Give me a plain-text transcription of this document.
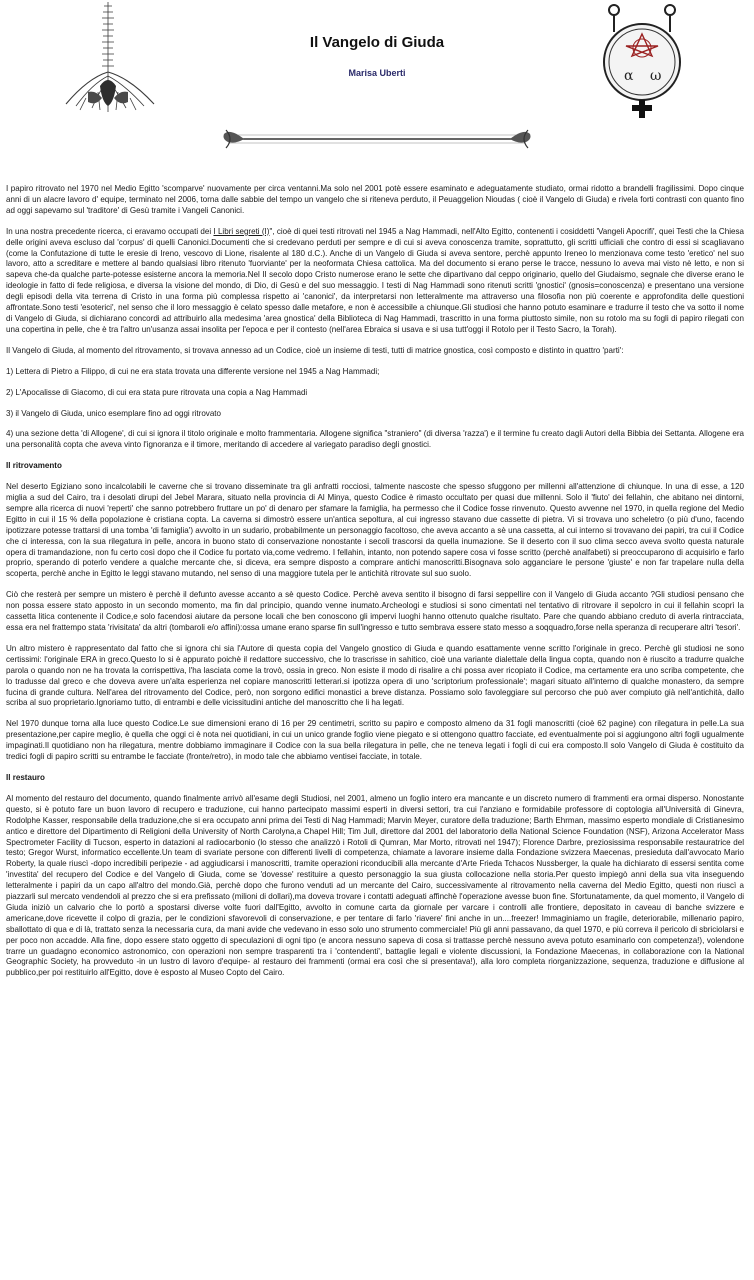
Il Vangelo di Giuda
Marisa Uberti	α ω

I papiro ritrovato nel 1970 nel Medio Egitto 'scomparve' nuovamente per circa ventanni.Ma solo nel 2001 potè essere esaminato e adeguatamente studiato, ormai ridotto a brandelli fragilissimi. Dopo cinque anni di un alacre lavoro d' equipe, terminato nel 2006, torna dalle sabbie del tempo un vangelo che si riteneva perduto, il Peuaggelion Nioudas ( cioè il Vangelo di Giuda) e rivela forti contrasti con quanto fino ad oggi sapevamo sul 'traditore' di Gesù tramite i Vangeli Canonici.

In una nostra precedente ricerca, ci eravamo occupati dei I Libri segreti (I)", cioè di quei testi ritrovati nel 1945 a Nag Hammadi, nell'Alto Egitto, contenenti i cosiddetti 'Vangeli Apocrifi', quei Testi che la Chiesa delle origini aveva escluso dal 'corpus' di quelli Canonici.Documenti che si credevano perduti per sempre e di cui si aveva conoscenza tramite, soprattutto, gli scritti ufficiali che contro di essi si scagliavano (come la Confutazione di tutte le eresie di Ireno, vescovo di Lione, risalente al 180 d.C.). Anche di un Vangelo di Giuda si aveva sentore, perchè appunto Ireneo lo menzionava come testo 'eretico' nel suo lavoro, atto a screditare e mettere al bando qualsiasi libro ritenuto 'fuorviante' per la neoformata Chiesa cattolica. Ma del documento si erano perse le tracce, nessuno lo aveva mai visto nè letto, e non si sapeva che-da qualche parte-potesse esisterne ancora la memoria.Nel II secolo dopo Cristo numerose erano le sette che dipartivano dal ceppo originario, quello del Giudaismo, segnale che diverse erano le ideologie in fatto di fede religiosa, e diversa la visione del mondo, di Dio, di Gesù e del suo messaggio. I testi di Nag Hammadi sono ritenuti scritti 'gnostici' (gnosis=conoscenza) e presentano una versione degli episodi della vita terrena di Cristo in una forma più complessa rispetto ai 'canonici', da interpretarsi non letteralmente ma attraverso una filosofia non più coerente e approfondita delle questioni affrontate.Sono testi 'esoterici', nel senso che il loro messaggio è celato spesso dalle metafore, e non è accessibile a chiunque.Gli studiosi che hanno potuto esaminare e tradurre il testo che va sotto il nome di Vangelo di Giuda, si dichiarano concordi ad attribuirlo alla medesima 'area gnostica' della Biblioteca di Nag Hammadi, trascritto in una forma piuttosto simile, non su rotolo ma su fogli di papiro rilegati con una copertina in pelle, che è tra l'altro un'usanza assai insolita per l'epoca e per il contesto (nell'area Ebraica si usava e si usa tutt'oggi il Rotolo per il Testo Sacro, la Torah).

Il Vangelo di Giuda, al momento del ritrovamento, si trovava annesso ad un Codice, cioè un insieme di testi, tutti di matrice gnostica, così composto e distinto in quattro 'parti':

1) Lettera di Pietro a Filippo, di cui ne era stata trovata una differente versione nel 1945 a Nag Hammadi;

2) L'Apocalisse di Giacomo, di cui era stata pure ritrovata una copia a Nag Hammadi

3) il Vangelo di Giuda, unico esemplare fino ad oggi ritrovato

4) una sezione detta 'di Allogene', di cui si ignora il titolo originale e molto frammentaria. Allogene significa "straniero" (di diversa 'razza') e il termine fu creato dagli Autori della Bibbia dei Settanta. Allogene era una personalità copta che aveva vinto l'ignoranza e il timore, meritando di accedere al variegato paradiso degli gnostici.

Il ritrovamento

Nel deserto Egiziano sono incalcolabili le caverne che si trovano disseminate tra gli anfratti rocciosi, talmente nascoste che spesso sfuggono per millenni all'attenzione di chiunque. In una di esse, a 120 miglia a sud del Cairo, tra i desolati dirupi del Jebel Marara, situato nella provincia di Al Minya, questo Codice è rimasto occultato per quasi due millenni. Solo il 'fiuto' dei fellahin, che abitano nei dintorni, sempre alla ricerca di nuovi 'reperti' che sanno potrebbero fruttare un po' di denaro per sfamare la famiglia, ha permesso che il Codice fosse rinvenuto. Questo avvenne nel 1970, in quella regione del Medio Egitto in cui il 15 % della popolazione è cristiana copta. La caverna si dimostrò essere un'antica sepoltura, al cui ingresso stavano due cassette di pietra. Vi si trovava uno scheletro (o più d'uno, facendo ipotizzare potesse trattarsi di una tomba 'di famiglia') avvolto in un sudario, probabilmente un personaggio facoltoso, che aveva accanto a sè una cassetta, al cui interno si trovavano dei papiri, tra cui il Codice che ci interessa, con la sua rilegatura in pelle, ancora in buono stato di conservazione nonostante i secoli trascorsi da quella inumazione. Se il deserto con il suo clima secco aveva svolto questa naturale opera di tramandazione, non fu certo così dopo che il Codice fu portato via,come vedremo. I fellahin, intanto, non potendo sapere cosa vi fosse scritto (perchè analfabeti) si preoccuparono di acquisirlo e farlo proprio, sperando di poterlo vendere a qualche mercante che, si diceva, era sempre disposto a comprare antichi manoscritti.Bisognava solo agganciare le persone 'giuste' e non far trapelare nulla della scoperta, perchè anche in Egitto le leggi stavano mutando, nel senso di una maggiore tutela per le antichità ritrovate sul suo suolo.

Ciò che resterà per sempre un mistero è perchè il defunto avesse accanto a sè questo Codice. Perchè aveva sentito il bisogno di farsi seppellire con il Vangelo di Giuda accanto ?Gli studiosi pensano che non possa essere stato apposto in un secondo momento, ma fin dal principio, quando venne inumato.Archeologi e studiosi si sono cimentati nel tentativo di ritrovare il sepolcro in cui il fellahin scoprì la cassetta litica contenente il Codice,e solo facendosi aiutare da persone locali che ben conoscono gli impervi luoghi hanno ottenuto qualche risultato. Pare che quando abbiano creduto di averla rintracciata, essa era nel frattempo stata 'rivisitata' da altri (tombaroli e/o affini):ossa umane erano sparse fin sull'ingresso e tutto sembrava essere stato messo a soqquadro,forse nella speranza di recuperare altri 'tesori'.

Un altro mistero è rappresentato dal fatto che si ignora chi sia l'Autore di questa copia del Vangelo gnostico di Giuda e quando esattamente venne scritto l'originale in greco. Perchè gli studiosi ne sono certissimi: l'originale ERA in greco.Questo lo si è appurato poichè il redattore successivo, che lo trascrisse in sahitico, cioè una variante dialettale della lingua copta, quando non è riuscito a tradurre qualche parola o quando non ne ha trovata la corrispettiva, l'ha lasciata come la trovò, ossia in greco. Non esiste il modo di risalire a chi possa aver ricopiato il Codice, ma certamente era uno scriba competente, che lo tradusse dal greco e che doveva avere un'alta esperienza nel copiare manoscritti letterari.si ipotizza opera di uno 'scriptorium professionale'; magari situato all'interno di qualche monastero, da sempre fucina di grande cultura. Nell'area del ritrovamento del Codice, però, non sorgono edifici monastici a breve distanza. Possiamo solo favoleggiare sul percorso che può aver compiuto già nell'antichità, dallo scriba al suo proprietario.Ignoriamo tutto, di entrambi e delle vicissitudini antiche del manoscritto che li ha legati.

Nel 1970 dunque torna alla luce questo Codice.Le sue dimensioni erano di 16 per 29 centimetri, scritto su papiro e composto almeno da 31 fogli manoscritti (cioè 62 pagine) con rilegatura in pelle.La sua presentazione,per capire meglio, è quella che oggi ci è nota nei quotidiani, in cui un unico grande foglio viene piegato e si ottengono quattro facciate, ed eventualmente poi si aggiungono altri fogli ugualmente impaginati.Il quotidiano non ha rilegatura, mentre dobbiamo immaginare il Codice con la sua bella rilegatura in pelle, che ne teneva legati i fogli di cui era composto.Il solo Vangelo di Giuda è costituito da tredici fogli di papiro scritti su entrambe le facciate (fronte/retro), in modo tale che abbiamo ventisei facciate, in totale.

Il restauro

Al momento del restauro del documento, quando finalmente arrivò all'esame degli Studiosi, nel 2001, almeno un foglio intero era mancante e un discreto numero di frammenti era ormai disperso. Nonostante questo, si è potuto fare un buon lavoro di recupero e traduzione, cui hanno partecipato massimi esperti in diversi settori, tra cui l'anziano e formidabile professore di coptologia all'Università di Ginevra, Rodolphe Kasser, responsabile della traduzione,che si era occupato anni prima dei Testi di Nag Hammadi; Marvin Meyer, curatore della traduzione; Barth Ehrman, massimo esperto mondiale di Cristianesimo antico e direttore del Dipartimento di Religioni della University of North Carolyna,a Chapel Hill; Tim Jull, direttore dal 2001 del laboratorio della National Science Foundation (NSF), Arizona Accelerator Mass Spectrometer Facility di Tucson, esperto in datazioni al radiocarbonio (lo stesso che analizzò i Rotoli di Qumran, Mar Morto, ritrovati nel 1947); Florence Darbre, preziosissima responsabile restauratrice del testo; Gregor Wurst, informatico eccellente.Un team di svariate persone con differenti livelli di competenza, chiamate a lavorare insieme dalla Fondazione svizzera Maecenas, presieduta dall'avvocato Mario Roberty, la quale riuscì -dopo incredibili peripezie - ad aggiudicarsi i manoscritti, tramite operazioni riconducibili alla mercante d'Arte Frieda Tchacos Nussberger, la quale ha dichiarato di essersi sentita come 'investita' del recupero del Codice e del Vangelo di Giuda, come se 'dovesse' restituire a questo personaggio la sua giusta collocazione nella storia.Per questo impiegò anni della sua vita inseguendo letteralmente i papiri da un capo all'altro del mondo.Già, perchè dopo che furono venduti ad un mercante del Cairo, successivamente al ritrovamento nella caverna del Medio Egitto, questi non riuscì a piazzarli sul mercato vendendoli al prezzo che si era prefissato (milioni di dollari),ma doveva trovare i contatti adeguati affinchè l'operazione avesse buon fine. Sfortunatamente, da quel momento, il Vangelo di Giuda iniziò un calvario che lo portò a spostarsi diverse volte fuori dall'Egitto, avvolto in comune carta da giornale per varcare i controlli alle frontiere, depositato in caveau di banche svizzere e americane,dove ricevette il colpo di grazia, per le condizioni sfavorevoli di conservazione, e per tentare di farlo 'riavere' fini anche in un....freezer! Immaginiamo un fragile, deteriorabile, millenario papiro, sballottato di qua e di là, trattato senza la necessaria cura, da mani avide che vedevano in esso solo uno strumento commerciale! Più gli anni passavano, da quel 1970, e più correva il pericolo di sbriciolarsi e per poco non accadde. Alla fine, dopo essere stato oggetto di speculazioni di ogni tipo (e ancora nessuno sapeva di cosa si trattasse perchè nessuno aveva potuto esaminarlo con competenza!), volendone trarre un guadagno economico astronomico, con operazioni non sempre trasparenti tra i 'contendenti', battaglie legali e violente discussioni, la Fondazione Maecenas, in collaborazione con la National Geographic Society, ha provveduto -in un lustro di lavoro d'equipe- al restauro dei frammenti (ormai era così che si presentava!), alla loro completa riorganizzazione, sequenza, traduzione e diffusione al pubblico,per poi restituirlo all'Egitto, dove è esposto al Museo Copto del Cairo.
